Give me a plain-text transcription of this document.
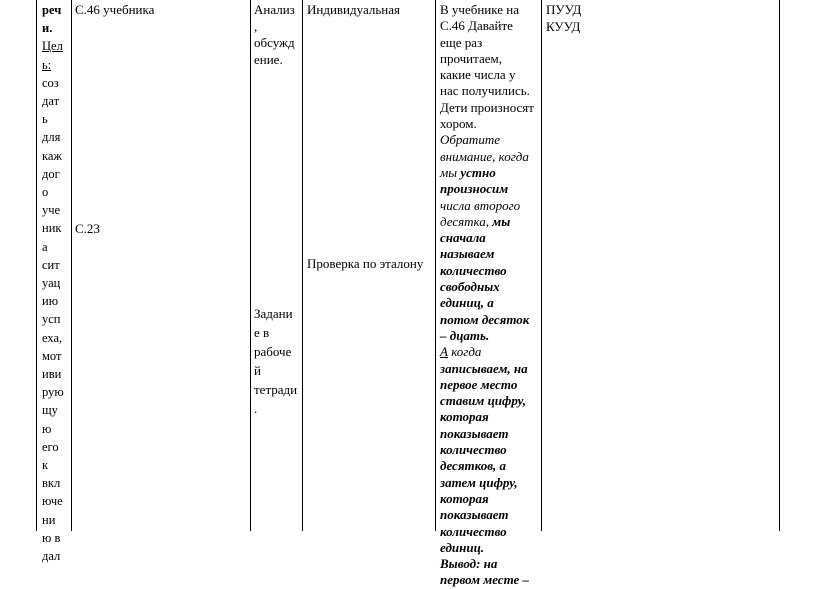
реч
и.
Цел
ь:
соз
дат
ь
для
каж
дог
о
уче
ник
а
сит
уац
ию
усп
еха,
мот
иви
рую
щу
ю
его
к
вкл
юче
ни
ю в
дал
С.46 учебника
С.23
Анализ
,
обсужд
ение.
Задани
е в
рабоче
й
тетради
.
Индивидуальная
Проверка по эталону
В учебнике на
С.46 Давайте
еще раз
прочитаем,
какие числа у
нас получились.
Дети произносят
хором.
Обратите
внимание, когда
мы устно
произносим
числа второго
десятка, мы
сначала
называем
количество
свободных
единиц, а
потом десяток
– дцать.
А когда
записываем, на
первое место
ставим цифру,
которая
показывает
количество
десятков, а
затем цифру,
которая
показывает
количество
единиц.
Вывод: на
первом месте –
ПУУД
КУУД
